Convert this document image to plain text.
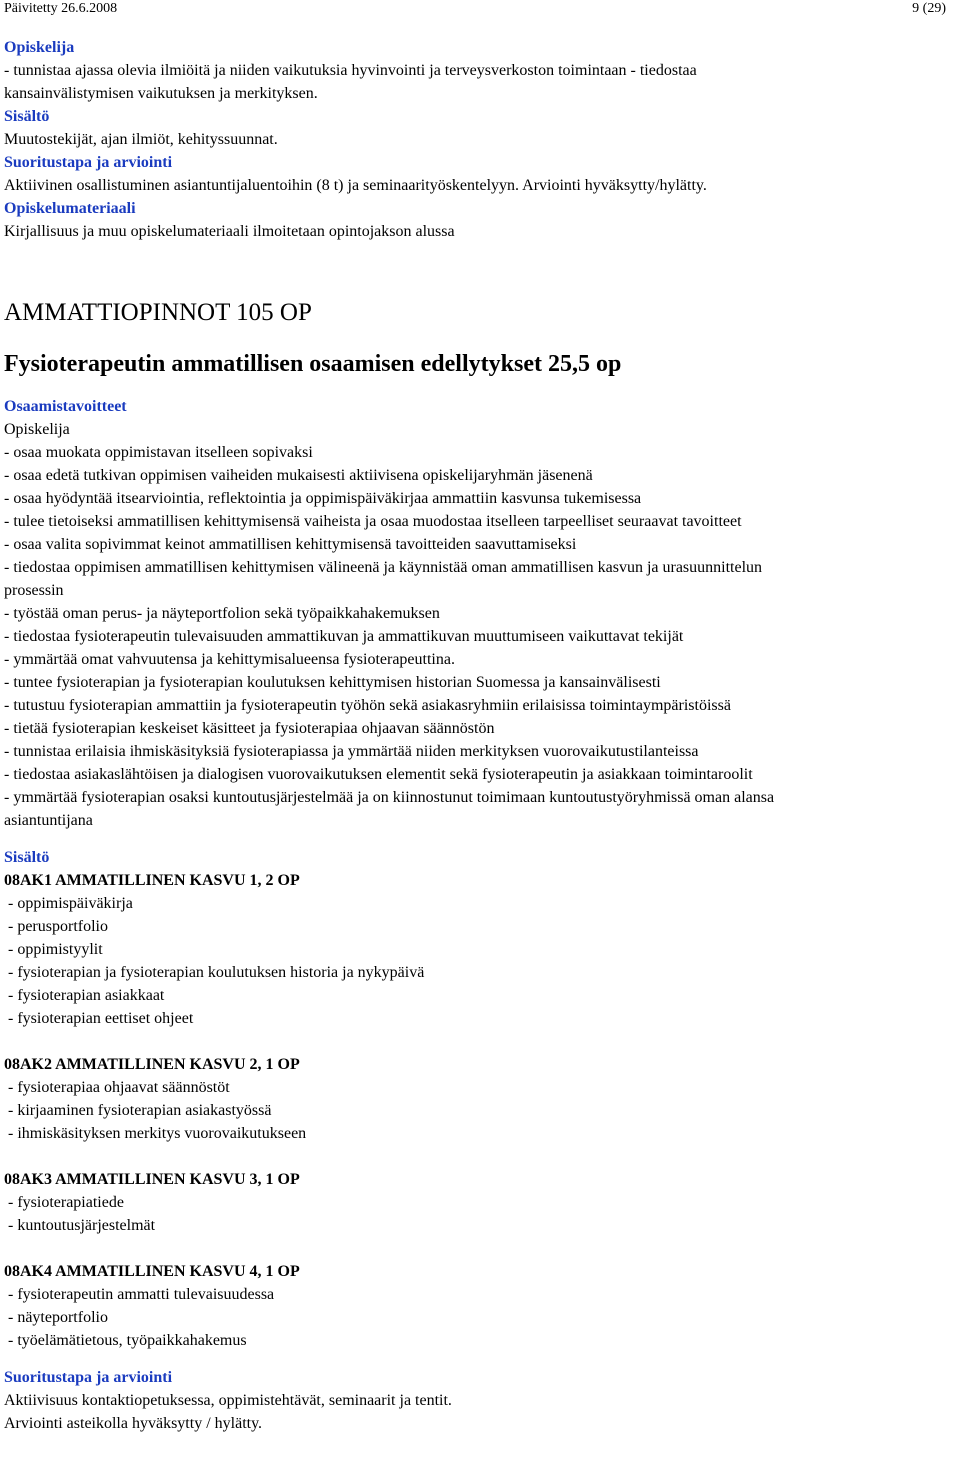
Päivitetty 26.6.2008	9 (29)

Opiskelija

- tunnistaa ajassa olevia ilmiöitä ja niiden vaikutuksia hyvinvointi ja terveysverkoston toimintaan - tiedostaa

kansainvälistymisen vaikutuksen ja merkityksen.

Sisältö

Muutostekijät, ajan ilmiöt, kehityssuunnat.

Suoritustapa ja arviointi

Aktiivinen osallistuminen asiantuntijaluentoihin (8 t) ja seminaarityöskentelyyn. Arviointi hyväksytty/hylätty.

Opiskelumateriaali

Kirjallisuus ja muu opiskelumateriaali ilmoitetaan opintojakson alussa

AMMATTIOPINNOT 105 OP

Fysioterapeutin ammatillisen osaamisen edellytykset 25,5 op

Osaamistavoitteet

Opiskelija

- osaa muokata oppimistavan itselleen sopivaksi

- osaa edetä tutkivan oppimisen vaiheiden mukaisesti aktiivisena opiskelijaryhmän jäsenenä

- osaa hyödyntää itsearviointia, reflektointia ja oppimispäiväkirjaa ammattiin kasvunsa tukemisessa

- tulee tietoiseksi ammatillisen kehittymisensä vaiheista ja osaa muodostaa itselleen tarpeelliset seuraavat tavoitteet

- osaa valita sopivimmat keinot ammatillisen kehittymisensä tavoitteiden saavuttamiseksi

- tiedostaa oppimisen ammatillisen kehittymisen välineenä ja käynnistää oman ammatillisen kasvun ja urasuunnittelun

prosessin

- työstää oman perus- ja näyteportfolion sekä työpaikkahakemuksen

- tiedostaa fysioterapeutin tulevaisuuden ammattikuvan ja ammattikuvan muuttumiseen vaikuttavat tekijät

- ymmärtää omat vahvuutensa ja kehittymisalueensa fysioterapeuttina.

- tuntee fysioterapian ja fysioterapian koulutuksen kehittymisen historian Suomessa ja kansainvälisesti

- tutustuu fysioterapian ammattiin ja fysioterapeutin työhön sekä asiakasryhmiin erilaisissa toimintaympäristöissä

- tietää fysioterapian keskeiset käsitteet ja fysioterapiaa ohjaavan säännöstön

- tunnistaa erilaisia ihmiskäsityksiä fysioterapiassa ja ymmärtää niiden merkityksen vuorovaikutustilanteissa

- tiedostaa asiakaslähtöisen ja dialogisen vuorovaikutuksen elementit sekä fysioterapeutin ja asiakkaan toimintaroolit

- ymmärtää fysioterapian osaksi kuntoutusjärjestelmää ja on kiinnostunut toimimaan kuntoutustyöryhmissä oman alansa

asiantuntijana

Sisältö

08AK1 AMMATILLINEN KASVU 1, 2 OP

- oppimispäiväkirja

- perusportfolio

- oppimistyylit

- fysioterapian ja fysioterapian koulutuksen historia ja nykypäivä

- fysioterapian asiakkaat

- fysioterapian eettiset ohjeet

08AK2 AMMATILLINEN KASVU 2, 1 OP

- fysioterapiaa ohjaavat säännöstöt

- kirjaaminen fysioterapian asiakastyössä

- ihmiskäsityksen merkitys vuorovaikutukseen

08AK3 AMMATILLINEN KASVU 3, 1 OP

- fysioterapiatiede

- kuntoutusjärjestelmät

08AK4 AMMATILLINEN KASVU 4, 1 OP

- fysioterapeutin ammatti tulevaisuudessa

- näyteportfolio

- työelämätietous, työpaikkahakemus

Suoritustapa ja arviointi

Aktiivisuus kontaktiopetuksessa, oppimistehtävät, seminaarit ja tentit.

Arviointi asteikolla hyväksytty / hylätty.
